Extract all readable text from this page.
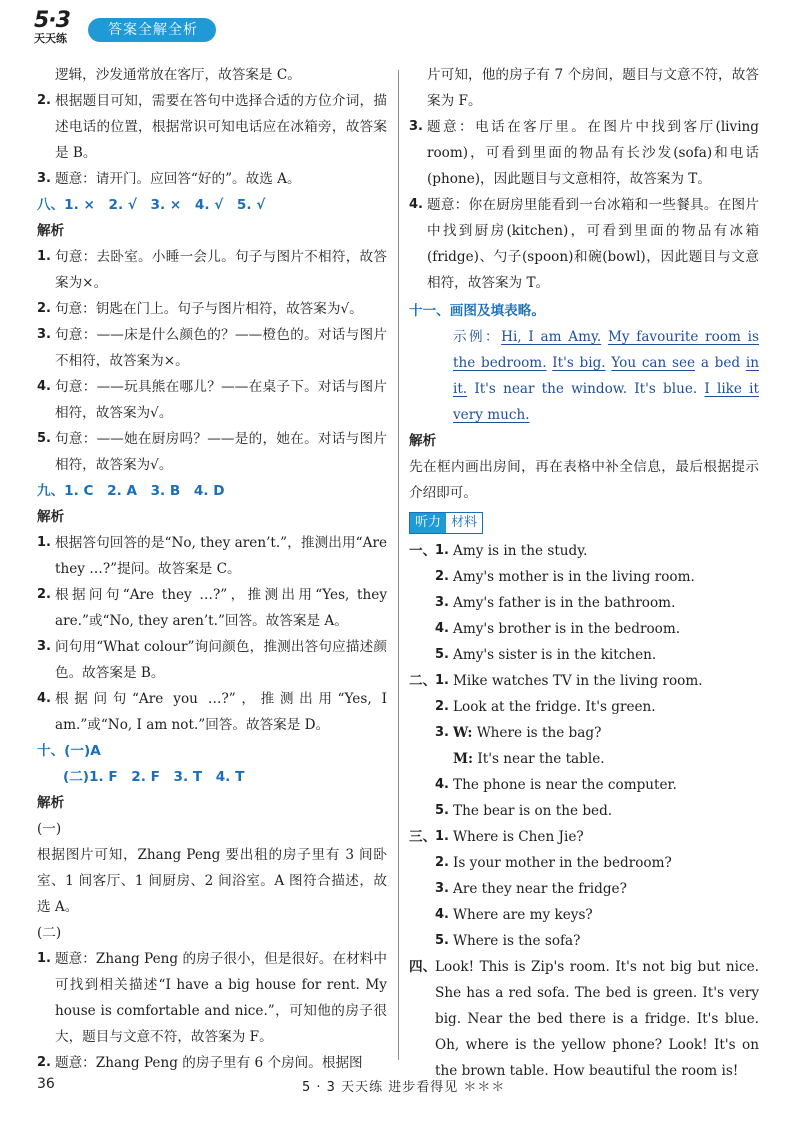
5·3
天天练
答案全解全析
逻辑，沙发通常放在客厅，故答案是 C。
2. 根据题目可知，需要在答句中选择合适的方位介词，描述电话的位置，根据常识可知电话应在冰箱旁，故答案是 B。
3. 题意：请开门。应回答“好的”。故选 A。
八、1. ×　2. √　3. ×　4. √　5. √
解析
1. 句意：去卧室。小睡一会儿。句子与图片不相符，故答案为×。
2. 句意：钥匙在门上。句子与图片相符，故答案为√。
3. 句意：——床是什么颜色的？——橙色的。对话与图片不相符，故答案为×。
4. 句意：——玩具熊在哪儿？——在桌子下。对话与图片相符，故答案为√。
5. 句意：——她在厨房吗？——是的，她在。对话与图片相符，故答案为√。
九、1. C　2. A　3. B　4. D
解析
1. 根据答句回答的是“No, they aren’t.”，推测出用“Are they …?”提问。故答案是 C。
2. 根据问句“Are they …?”，推测出用“Yes, they are.”或“No, they aren’t.”回答。故答案是 A。
3. 问句用“What colour”询问颜色，推测出答句应描述颜色。故答案是 B。
4. 根据问句“Are you …?”，推测出用“Yes, I am.”或“No, I am not.”回答。故答案是 D。
十、(一)A
(二)1. F　2. F　3. T　4. T
解析
(一)
根据图片可知，Zhang Peng 要出租的房子里有 3 间卧室、1 间客厅、1 间厨房、2 间浴室。A 图符合描述，故选 A。
(二)
1. 题意：Zhang Peng 的房子很小，但是很好。在材料中可找到相关描述“I have a big house for rent. My house is comfortable and nice.”，可知他的房子很大，题目与文意不符，故答案为 F。
2. 题意：Zhang Peng 的房子里有 6 个房间。根据图
片可知，他的房子有 7 个房间，题目与文意不符，故答案为 F。
3. 题意：电话在客厅里。在图片中找到客厅(living room)，可看到里面的物品有长沙发(sofa)和电话(phone)，因此题目与文意相符，故答案为 T。
4. 题意：你在厨房里能看到一台冰箱和一些餐具。在图片中找到厨房(kitchen)，可看到里面的物品有冰箱(fridge)、勺子(spoon)和碗(bowl)，因此题目与文意相符，故答案为 T。
十一、画图及填表略。
示例：Hi, I am Amy. My favourite room is the bedroom. It's big. You can see a bed in it. It's near the window. It's blue. I like it very much.
解析
先在框内画出房间，再在表格中补全信息，最后根据提示介绍即可。
听力 材料
一、
1. Amy is in the study.
2. Amy's mother is in the living room.
3. Amy's father is in the bathroom.
4. Amy's brother is in the bedroom.
5. Amy's sister is in the kitchen.
二、
1. Mike watches TV in the living room.
2. Look at the fridge. It's green.
3. W: Where is the bag?
M: It's near the table.
4. The phone is near the computer.
5. The bear is on the bed.
三、
1. Where is Chen Jie?
2. Is your mother in the bedroom?
3. Are they near the fridge?
4. Where are my keys?
5. Where is the sofa?
四、
Look! This is Zip's room. It's not big but nice. She has a red sofa. The bed is green. It's very big. Near the bed there is a fridge. It's blue. Oh, where is the yellow phone? Look! It's on the brown table. How beautiful the room is!
36	5 · 3 天天练 进步看得见 ＊＊＊
